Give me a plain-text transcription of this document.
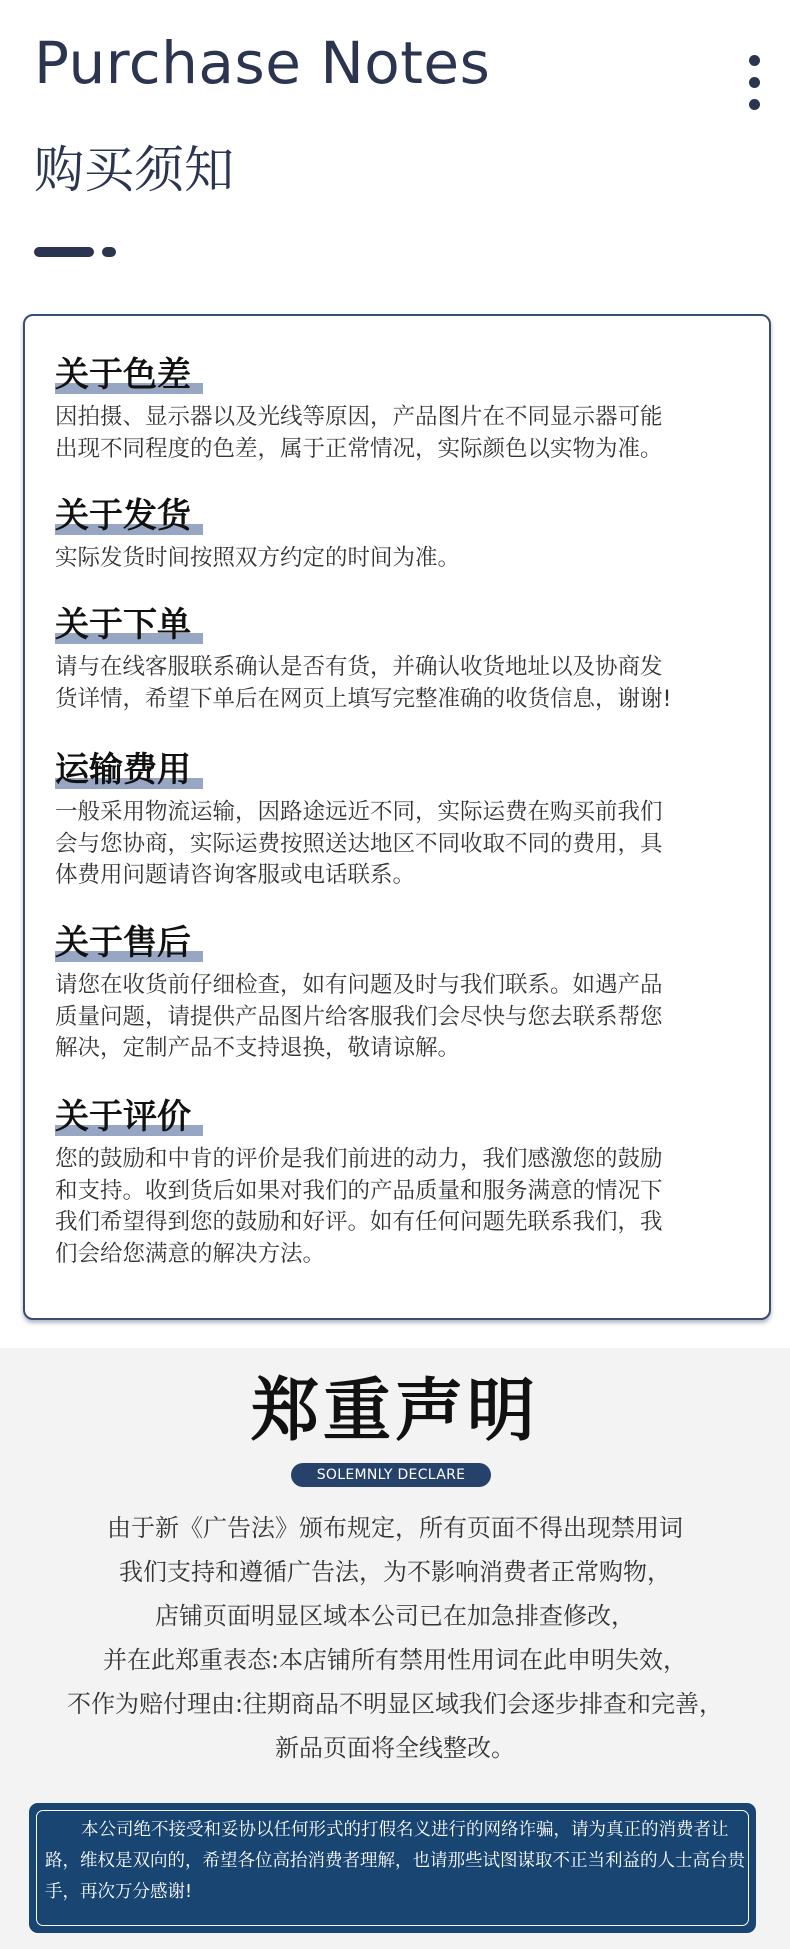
Purchase Notes
购买须知
关于色差
因拍摄、显示器以及光线等原因，产品图片在不同显示器可能
出现不同程度的色差，属于正常情况，实际颜色以实物为准。
关于发货
实际发货时间按照双方约定的时间为准。
关于下单
请与在线客服联系确认是否有货，并确认收货地址以及协商发
货详情，希望下单后在网页上填写完整准确的收货信息，谢谢!
运输费用
一般采用物流运输，因路途远近不同，实际运费在购买前我们
会与您协商，实际运费按照送达地区不同收取不同的费用，具
体费用问题请咨询客服或电话联系。
关于售后
请您在收货前仔细检查，如有问题及时与我们联系。如遇产品
质量问题，请提供产品图片给客服我们会尽快与您去联系帮您
解决，定制产品不支持退换，敬请谅解。
关于评价
您的鼓励和中肯的评价是我们前进的动力，我们感激您的鼓励
和支持。收到货后如果对我们的产品质量和服务满意的情况下
我们希望得到您的鼓励和好评。如有任何问题先联系我们，我
们会给您满意的解决方法。
郑重声明
SOLEMNLY DECLARE
由于新《广告法》颁布规定，所有页面不得出现禁用词
我们支持和遵循广告法，为不影响消费者正常购物，
店铺页面明显区域本公司已在加急排查修改，
并在此郑重表态:本店铺所有禁用性用词在此申明失效，
不作为赔付理由:往期商品不明显区域我们会逐步排查和完善，
新品页面将全线整改。
本公司绝不接受和妥协以任何形式的打假名义进行的网络诈骗，请为真正的消费者让路，维权是双向的，希望各位高抬消费者理解，也请那些试图谋取不正当利益的人士高台贵手，再次万分感谢!
